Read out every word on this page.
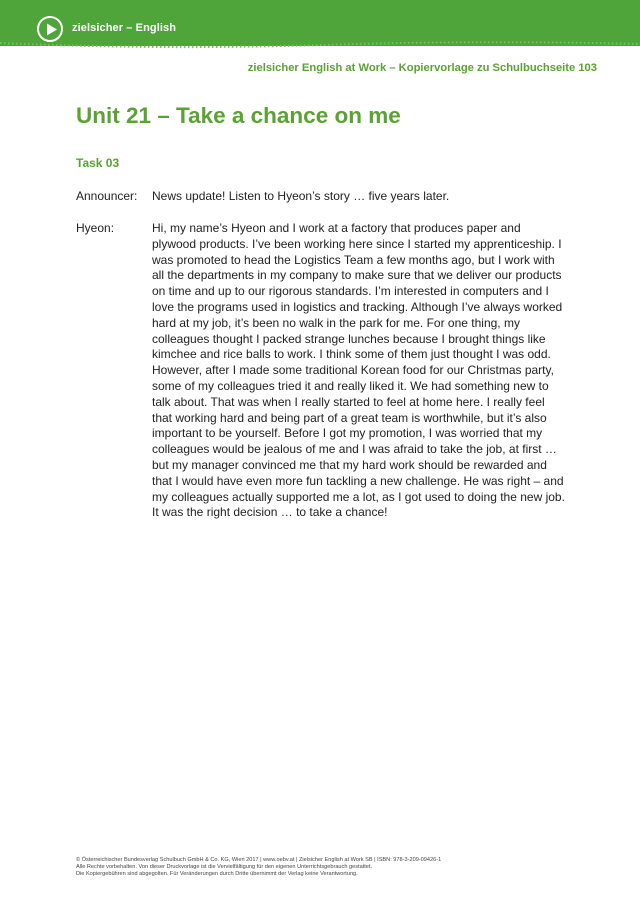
zielsicher – English
zielsicher English at Work – Kopiervorlage zu Schulbuchseite 103
Unit 21 – Take a chance on me
Task 03
Announcer:	News update! Listen to Hyeon’s story … five years later.
Hyeon:	Hi, my name’s Hyeon and I work at a factory that produces paper and plywood products. I’ve been working here since I started my apprenticeship. I was promoted to head the Logistics Team a few months ago, but I work with all the departments in my company to make sure that we deliver our products on time and up to our rigorous standards. I’m interested in computers and I love the programs used in logistics and tracking. Although I’ve always worked hard at my job, it’s been no walk in the park for me. For one thing, my colleagues thought I packed strange lunches because I brought things like kimchee and rice balls to work. I think some of them just thought I was odd. However, after I made some traditional Korean food for our Christmas party, some of my colleagues tried it and really liked it. We had something new to talk about. That was when I really started to feel at home here. I really feel that working hard and being part of a great team is worthwhile, but it’s also important to be yourself. Before I got my promotion, I was worried that my colleagues would be jealous of me and I was afraid to take the job, at first … but my manager convinced me that my hard work should be rewarded and that I would have even more fun tackling a new challenge. He was right – and my colleagues actually supported me a lot, as I got used to doing the new job. It was the right decision … to take a chance!
© Österreichischer Bundesverlag Schulbuch GmbH & Co. KG, Wien 2017 | www.oebv.at | Zielsicher English at Work SB | ISBN: 978-3-209-09426-1
Alle Rechte vorbehalten. Von dieser Druckvorlage ist die Vervielfältigung für den eigenen Unterrichtsgebrauch gestattet.
Die Kopiergebühren sind abgegolten. Für Veränderungen durch Dritte übernimmt der Verlag keine Verantwortung.
